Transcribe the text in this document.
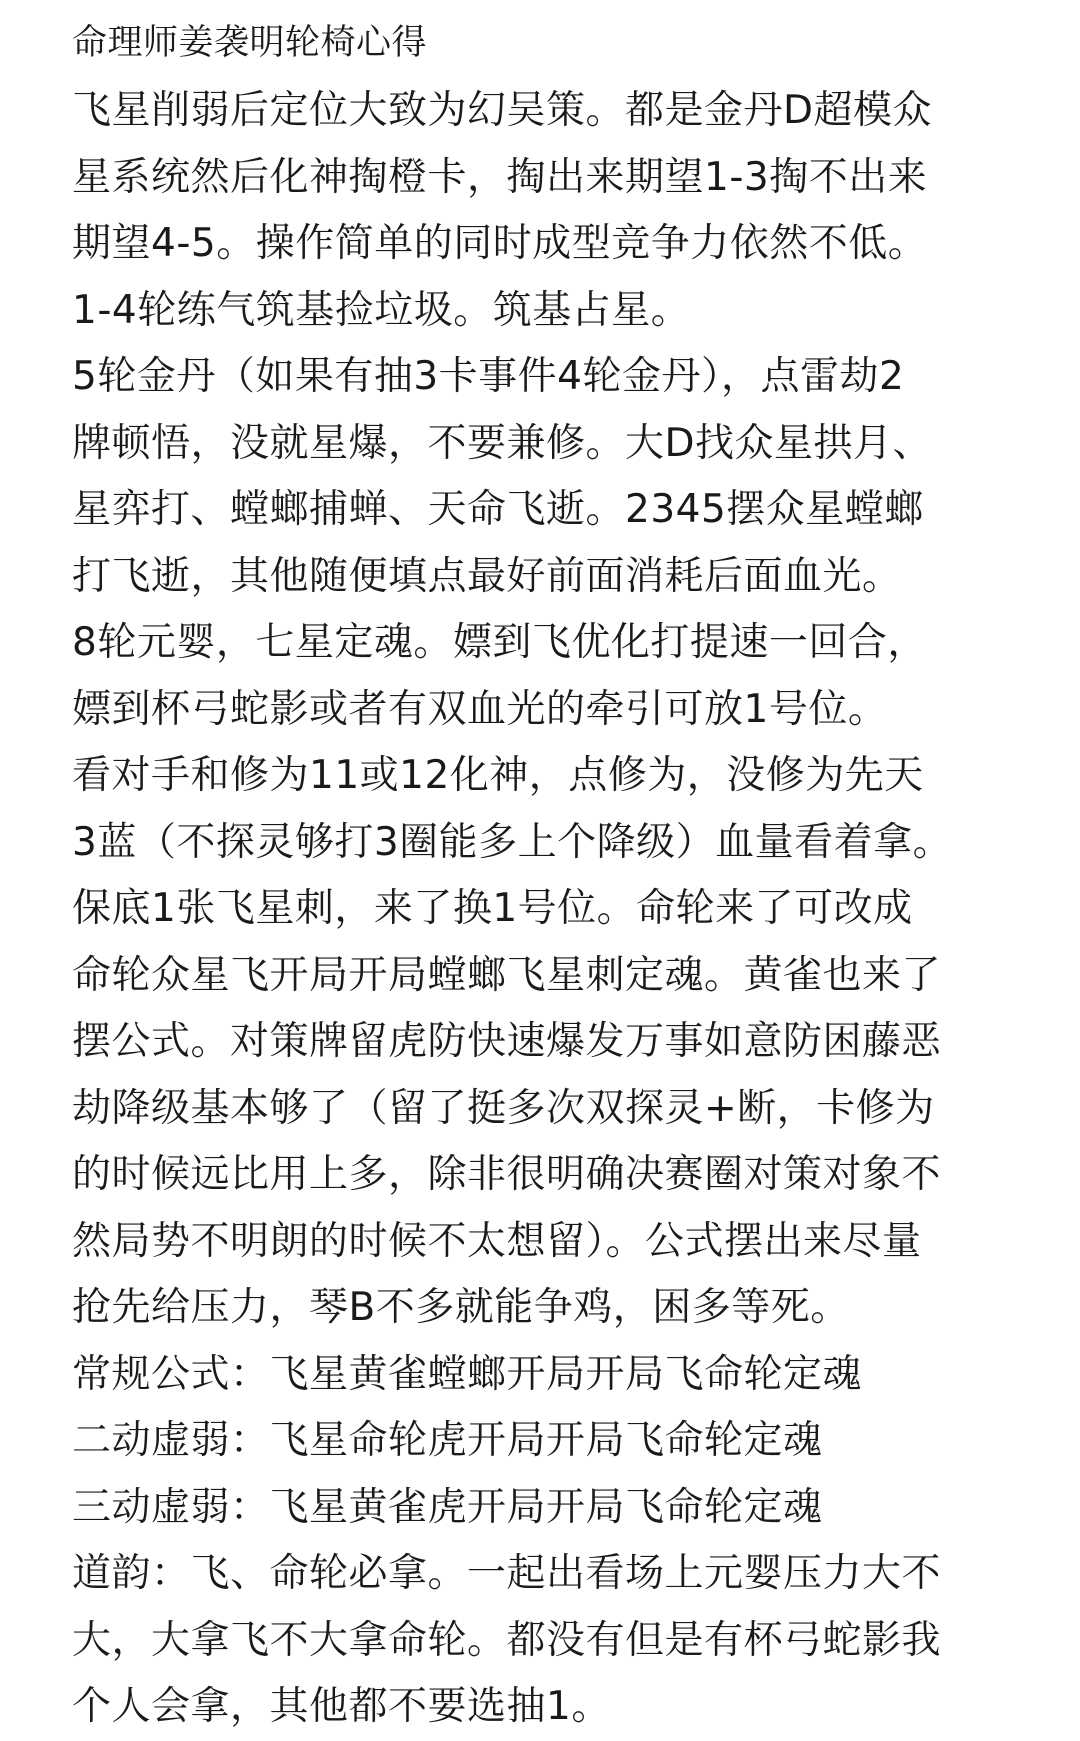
命理师姜袭明轮椅心得
飞星削弱后定位大致为幻吴策。都是金丹D超模众
星系统然后化神掏橙卡，掏出来期望1-3掏不出来
期望4-5。操作简单的同时成型竞争力依然不低。
1-4轮练气筑基捡垃圾。筑基占星。
5轮金丹（如果有抽3卡事件4轮金丹），点雷劫2
牌顿悟，没就星爆，不要兼修。大D找众星拱月、
星弈打、螳螂捕蝉、天命飞逝。2345摆众星螳螂
打飞逝，其他随便填点最好前面消耗后面血光。
8轮元婴，七星定魂。嫖到飞优化打提速一回合，
嫖到杯弓蛇影或者有双血光的牵引可放1号位。
看对手和修为11或12化神，点修为，没修为先天
3蓝（不探灵够打3圈能多上个降级）血量看着拿。
保底1张飞星刺，来了换1号位。命轮来了可改成
命轮众星飞开局开局螳螂飞星刺定魂。黄雀也来了
摆公式。对策牌留虎防快速爆发万事如意防困藤恶
劫降级基本够了（留了挺多次双探灵+断，卡修为
的时候远比用上多，除非很明确决赛圈对策对象不
然局势不明朗的时候不太想留）。公式摆出来尽量
抢先给压力，琴B不多就能争鸡，困多等死。
常规公式：飞星黄雀螳螂开局开局飞命轮定魂
二动虚弱：飞星命轮虎开局开局飞命轮定魂
三动虚弱：飞星黄雀虎开局开局飞命轮定魂
道韵：飞、命轮必拿。一起出看场上元婴压力大不
大，大拿飞不大拿命轮。都没有但是有杯弓蛇影我
个人会拿，其他都不要选抽1。
